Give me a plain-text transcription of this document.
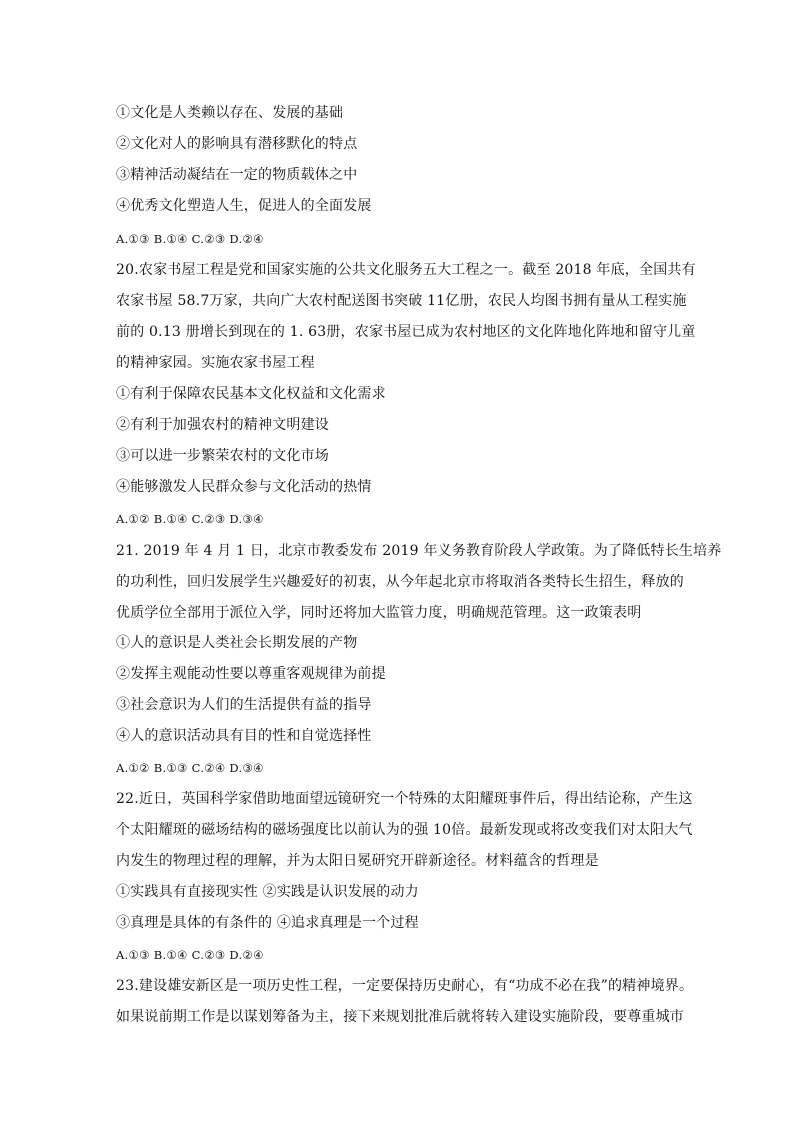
①文化是人类赖以存在、发展的基础
②文化对人的影响具有潜移默化的特点
③精神活动凝结在一定的物质载体之中
④优秀文化塑造人生，促进人的全面发展
A.①③ B.①④ C.②③ D.②④
20.农家书屋工程是党和国家实施的公共文化服务五大工程之一。截至 2018 年底，全国共有
农家书屋 58.7万家，共向广大农村配送图书突破 11亿册，农民人均图书拥有量从工程实施
前的 0.13 册增长到现在的 1. 63册，农家书屋已成为农村地区的文化阵地化阵地和留守儿童
的精神家园。实施农家书屋工程
①有利于保障农民基本文化权益和文化需求
②有利于加强农村的精神文明建设
③可以进一步繁荣农村的文化市场
④能够激发人民群众参与文化活动的热情
A.①② B.①④ C.②③ D.③④
21. 2019 年 4 月 1 日，北京市教委发布 2019 年义务教育阶段人学政策。为了降低特长生培养
的功利性，回归发展学生兴趣爱好的初衷，从今年起北京市将取消各类特长生招生，释放的
优质学位全部用于派位入学，同时还将加大监管力度，明确规范管理。这一政策表明
①人的意识是人类社会长期发展的产物
②发挥主观能动性要以尊重客观规律为前提
③社会意识为人们的生活提供有益的指导
④人的意识活动具有目的性和自觉选择性
A.①② B.①③ C.②④ D.③④
22.近日，英国科学家借助地面望远镜研究一个特殊的太阳耀斑事件后，得出结论称，产生这
个太阳耀斑的磁场结构的磁场强度比以前认为的强 10倍。最新发现或将改变我们对太阳大气
内发生的物理过程的理解，并为太阳日冕研究开辟新途径。材料蕴含的哲理是
①实践具有直接现实性 ②实践是认识发展的动力
③真理是具体的有条件的 ④追求真理是一个过程
A.①③ B.①④ C.②③ D.②④
23.建设雄安新区是一项历史性工程，一定要保持历史耐心，有“功成不必在我”的精神境界。
如果说前期工作是以谋划筹备为主，接下来规划批准后就将转入建设实施阶段，要尊重城市
